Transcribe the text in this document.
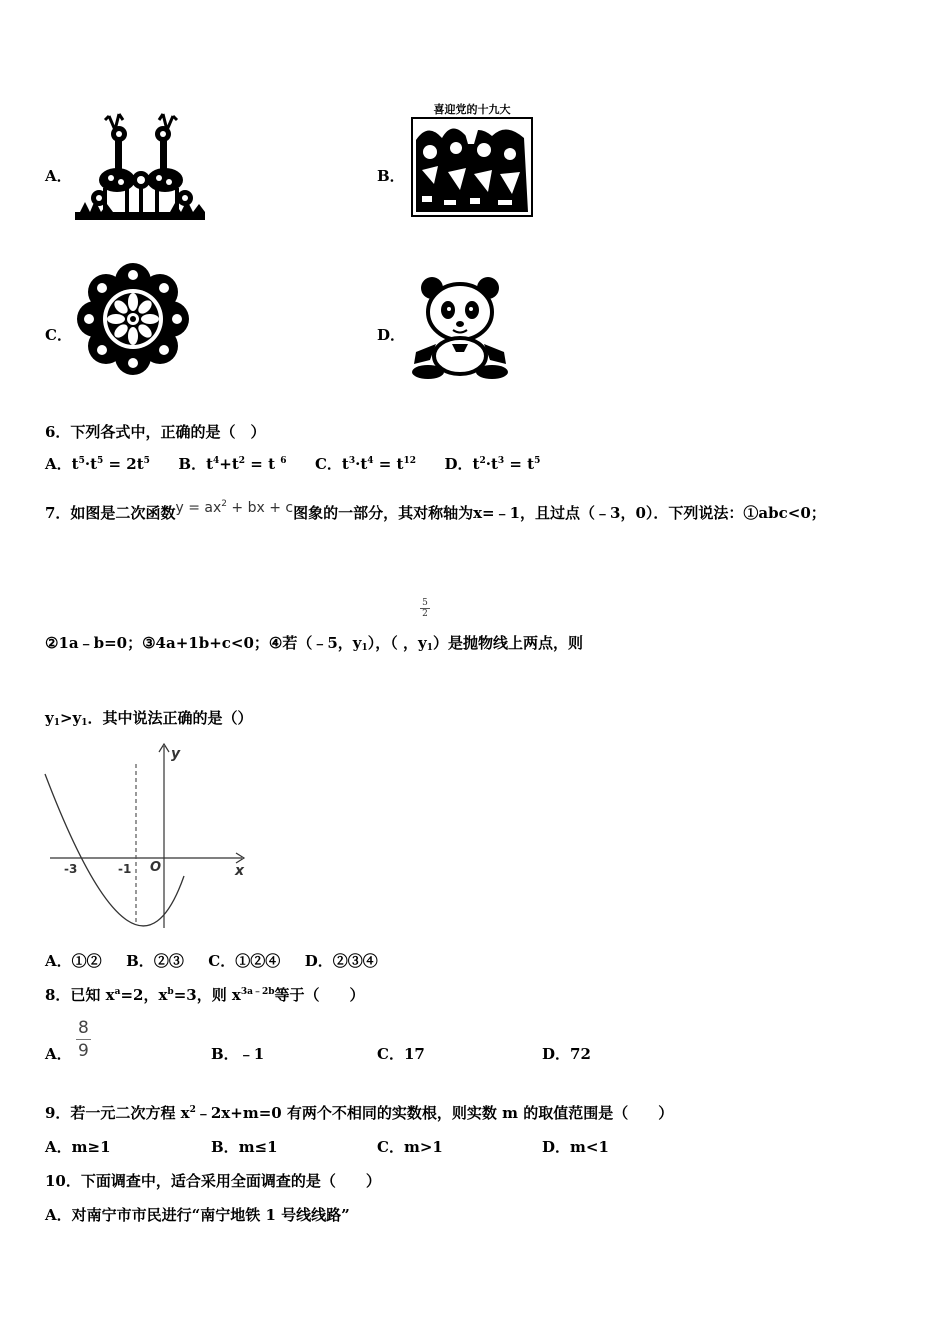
A．	B．
喜迎党的十九大
C．	D．
6．下列各式中，正确的是（　）
A．$t^5\cdot t^5 = 2t^5$ B．$t^4+t^2 = t$ $^6$ C．$t^3\cdot t^4 = t^{12}$ D．$t^2\cdot t^3 = t^5$
7．如图是二次函数$y = ax^2$ + bx + c图象的一部分，其对称轴为x=﹣1，且过点（﹣3，0）．下列说法：①abc<0；
5
2
②1a﹣b=0；③4a+1b+c<0；④若（﹣5，$y_1$），（ ，$y_1$）是抛物线上两点，则
$y_1>y_1$．其中说法正确的是（）
y
x
O
-3	-1
A．①② B．②③ C．①②④ D．②③④
8．已知 $x^a=2$，$x^b=3$，则 $x^{3a﹣2b}$等于（　　）
A． $\frac{8}{9}$	B．﹣1	C．17	D．72
9．若一元二次方程 $x^2﹣2x+m=0$ 有两个不相同的实数根，则实数 m 的取值范围是（　　）
A．m≥1	B．m≤1	C．m>1	D．m<1
10．下面调查中，适合采用全面调查的是（　　）
A．对南宁市市民进行“南宁地铁 1 号线线路”
